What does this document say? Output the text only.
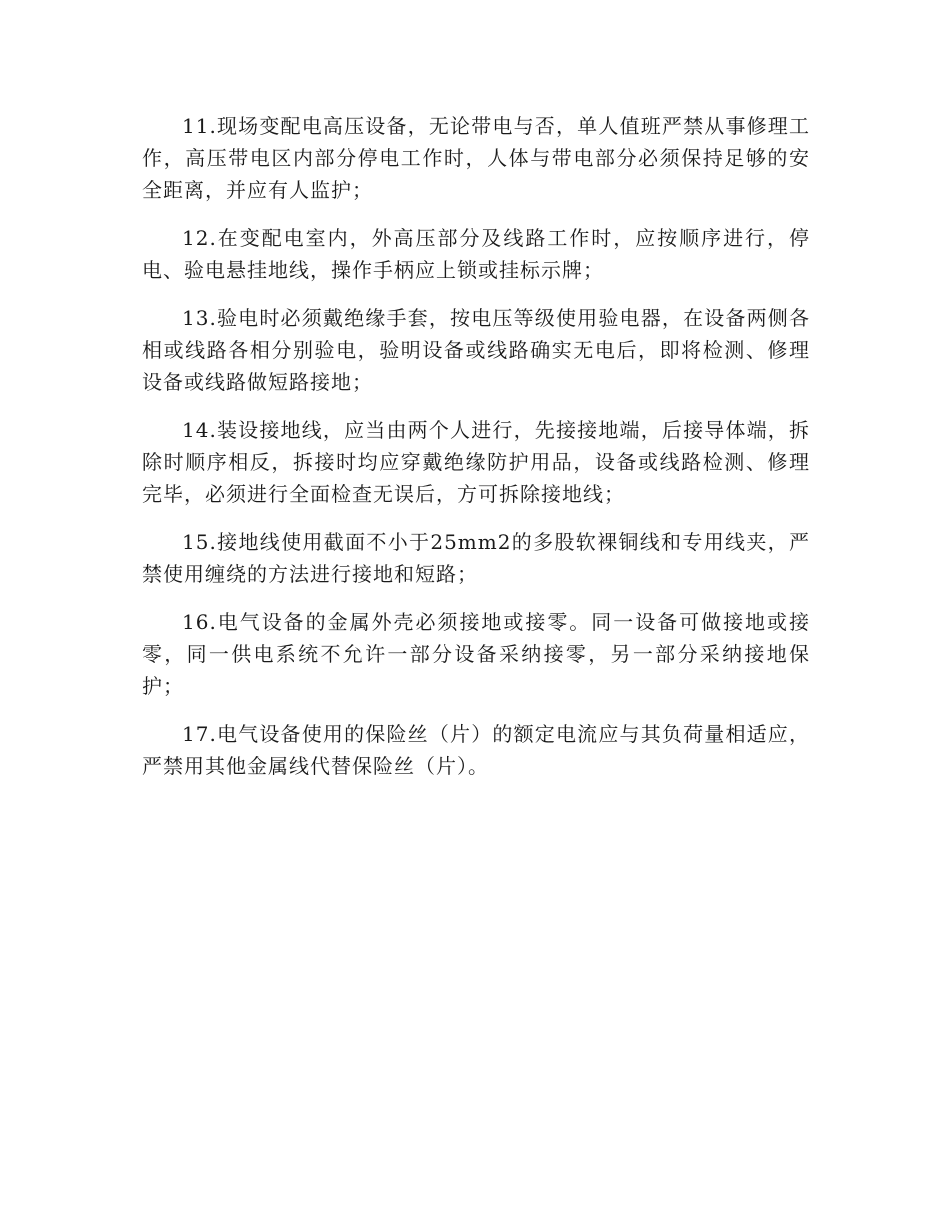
11.现场变配电高压设备，无论带电与否，单人值班严禁从事修理工作，高压带电区内部分停电工作时，人体与带电部分必须保持足够的安全距离，并应有人监护；

12.在变配电室内，外高压部分及线路工作时，应按顺序进行，停电、验电悬挂地线，操作手柄应上锁或挂标示牌；

13.验电时必须戴绝缘手套，按电压等级使用验电器，在设备两侧各相或线路各相分别验电，验明设备或线路确实无电后，即将检测、修理设备或线路做短路接地；

14.装设接地线，应当由两个人进行，先接接地端，后接导体端，拆除时顺序相反，拆接时均应穿戴绝缘防护用品，设备或线路检测、修理完毕，必须进行全面检查无误后，方可拆除接地线；

15.接地线使用截面不小于25mm2的多股软裸铜线和专用线夹，严禁使用缠绕的方法进行接地和短路；

16.电气设备的金属外壳必须接地或接零。同一设备可做接地或接零，同一供电系统不允许一部分设备采纳接零，另一部分采纳接地保护；

17.电气设备使用的保险丝（片）的额定电流应与其负荷量相适应，严禁用其他金属线代替保险丝（片）。
